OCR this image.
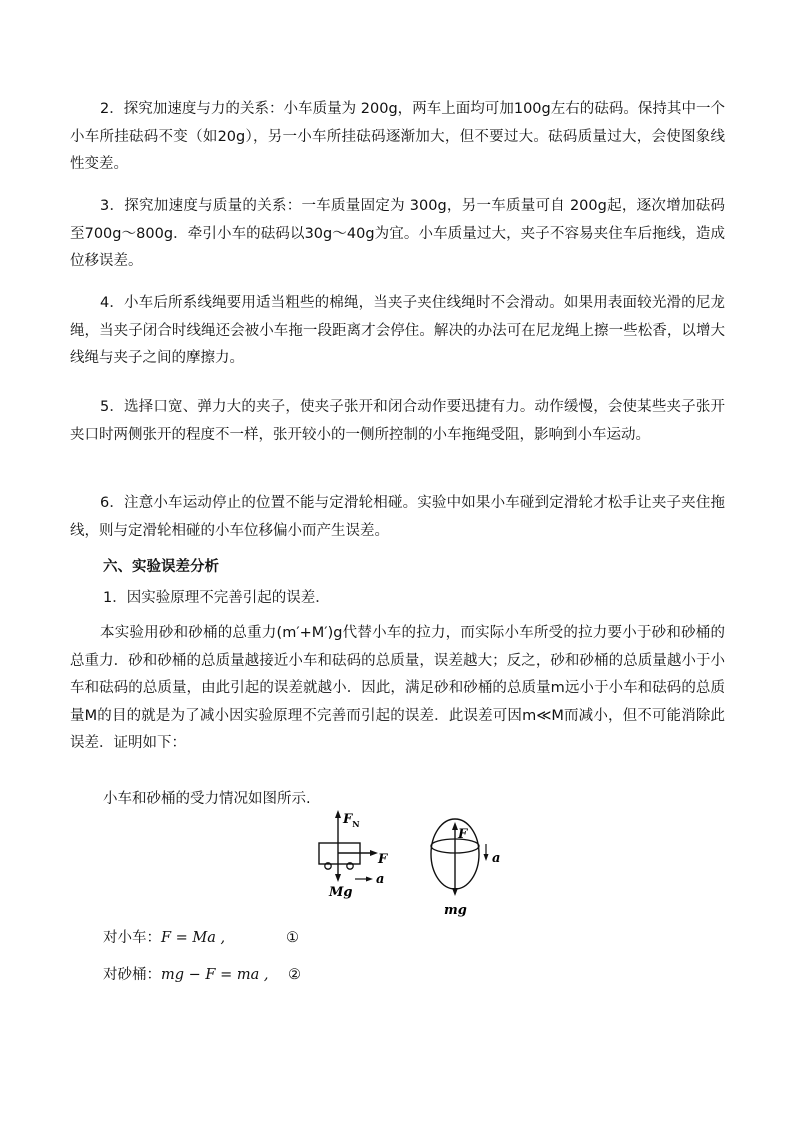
2．探究加速度与力的关系：小车质量为 200g，两车上面均可加100g左右的砝码。保持其中一个小车所挂砝码不变（如20g），另一小车所挂砝码逐渐加大，但不要过大。砝码质量过大，会使图象线性变差。

3．探究加速度与质量的关系：一车质量固定为 300g，另一车质量可自 200g起，逐次增加砝码至700g～800g．牵引小车的砝码以30g～40g为宜。小车质量过大，夹子不容易夹住车后拖线，造成位移误差。

4．小车后所系线绳要用适当粗些的棉绳，当夹子夹住线绳时不会滑动。如果用表面较光滑的尼龙绳，当夹子闭合时线绳还会被小车拖一段距离才会停住。解决的办法可在尼龙绳上擦一些松香，以增大线绳与夹子之间的摩擦力。

5．选择口宽、弹力大的夹子，使夹子张开和闭合动作要迅捷有力。动作缓慢，会使某些夹子张开夹口时两侧张开的程度不一样，张开较小的一侧所控制的小车拖绳受阻，影响到小车运动。

6．注意小车运动停止的位置不能与定滑轮相碰。实验中如果小车碰到定滑轮才松手让夹子夹住拖线，则与定滑轮相碰的小车位移偏小而产生误差。

六、实验误差分析

1．因实验原理不完善引起的误差．

本实验用砂和砂桶的总重力(m′+M′)g代替小车的拉力，而实际小车所受的拉力要小于砂和砂桶的总重力．砂和砂桶的总质量越接近小车和砝码的总质量，误差越大；反之，砂和砂桶的总质量越小于小车和砝码的总质量，由此引起的误差就越小．因此，满足砂和砂桶的总质量m远小于小车和砝码的总质量M的目的就是为了减小因实验原理不完善而引起的误差．此误差可因m≪M而减小，但不可能消除此误差．证明如下：

小车和砂桶的受力情况如图所示.

$F_N$
F
Mg
a
F
mg
a
对小车：F = Ma ,	①
对砂桶：mg − F = ma , ②
